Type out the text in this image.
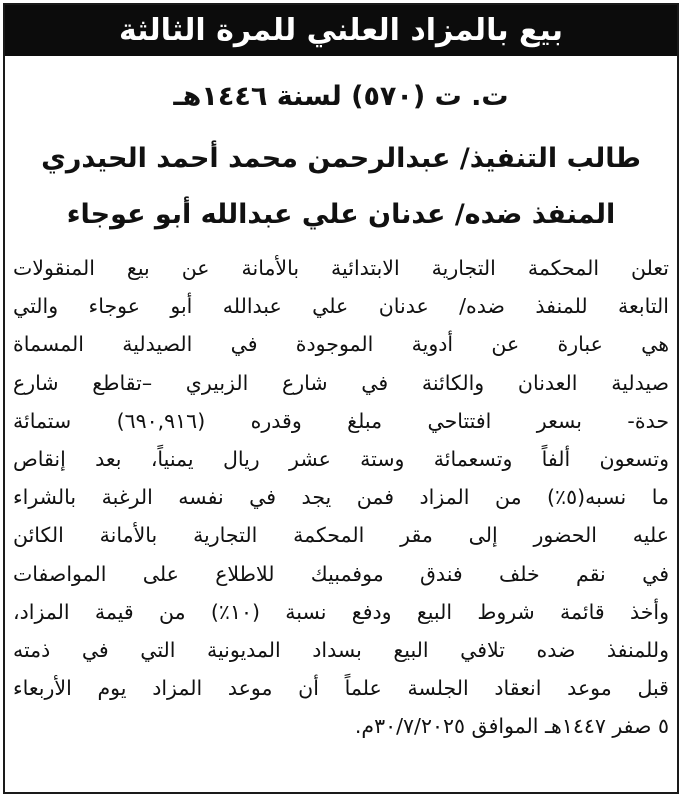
بيع بالمزاد العلني للمرة الثالثة
ت. ت (٥٧٠) لسنة ١٤٤٦هـ
طالب التنفيذ/ عبدالرحمن محمد أحمد الحيدري
المنفذ ضده/ عدنان علي عبدالله أبو عوجاء
تعلن المحكمة التجارية الابتدائية بالأمانة عن بيع المنقولات
التابعة للمنفذ ضده/ عدنان علي عبدالله أبو عوجاء والتي
هي عبارة عن أدوية الموجودة في الصيدلية المسماة
صيدلية العدنان والكائنة في شارع الزبيري –تقاطع شارع
حدة- بسعر افتتاحي مبلغ وقدره (٦٩٠,٩١٦) ستمائة
وتسعون ألفاً وتسعمائة وستة عشر ريال يمنياً، بعد إنقاص
ما نسبه(٥٪) من المزاد فمن يجد في نفسه الرغبة بالشراء
عليه الحضور إلى مقر المحكمة التجارية بالأمانة الكائن
في نقم خلف فندق موفمبيك للاطلاع على المواصفات
وأخذ قائمة شروط البيع ودفع نسبة (١٠٪) من قيمة المزاد،
وللمنفذ ضده تلافي البيع بسداد المديونية التي في ذمته
قبل موعد انعقاد الجلسة علماً أن موعد المزاد يوم الأربعاء
٥ صفر ١٤٤٧هـ الموافق ٣٠/٧/٢٠٢٥م.
